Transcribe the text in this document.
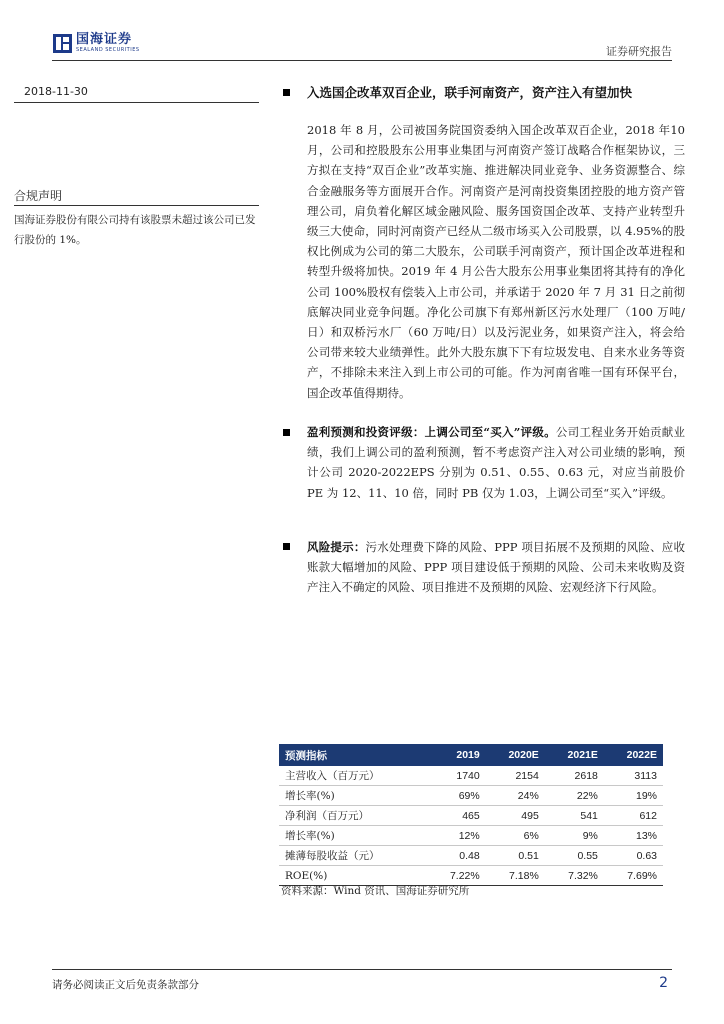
国海证券
SEALAND SECURITIES	证券研究报告
2018-11-30
合规声明
国海证券股份有限公司持有该股票未超过该公司已发行股份的 1%。
入选国企改革双百企业，联手河南资产，资产注入有望加快
2018 年 8 月，公司被国务院国资委纳入国企改革双百企业，2018 年10 月，公司和控股股东公用事业集团与河南资产签订战略合作框架协议，三方拟在支持“双百企业”改革实施、推进解决同业竞争、业务资源整合、综合金融服务等方面展开合作。河南资产是河南投资集团控股的地方资产管理公司，肩负着化解区域金融风险、服务国资国企改革、支持产业转型升级三大使命，同时河南资产已经从二级市场买入公司股票，以 4.95%的股权比例成为公司的第二大股东，公司联手河南资产，预计国企改革进程和转型升级将加快。2019 年 4 月公告大股东公用事业集团将其持有的净化公司 100%股权有偿装入上市公司，并承诺于 2020 年 7 月 31 日之前彻底解决同业竞争问题。净化公司旗下有郑州新区污水处理厂（100 万吨/日）和双桥污水厂（60 万吨/日）以及污泥业务，如果资产注入，将会给公司带来较大业绩弹性。此外大股东旗下下有垃圾发电、自来水业务等资产，不排除未来注入到上市公司的可能。作为河南省唯一国有环保平台，国企改革值得期待。
盈利预测和投资评级：上调公司至“买入”评级。公司工程业务开始贡献业绩，我们上调公司的盈利预测，暂不考虑资产注入对公司业绩的影响，预计公司 2020-2022EPS 分别为 0.51、0.55、0.63 元，对应当前股价 PE 为 12、11、10 倍，同时 PB 仅为 1.03，上调公司至“买入”评级。
风险提示：污水处理费下降的风险、PPP 项目拓展不及预期的风险、应收账款大幅增加的风险、PPP 项目建设低于预期的风险、公司未来收购及资产注入不确定的风险、项目推进不及预期的风险、宏观经济下行风险。
预测指标	2019	2020E	2021E	2022E
主营收入（百万元）	1740	2154	2618	3113
增长率(%)	69%	24%	22%	19%
净利润（百万元）	465	495	541	612
增长率(%)	12%	6%	9%	13%
摊薄每股收益（元）	0.48	0.51	0.55	0.63
ROE(%)	7.22%	7.18%	7.32%	7.69%
资料来源：Wind 资讯、国海证券研究所
请务必阅读正文后免责条款部分	2
